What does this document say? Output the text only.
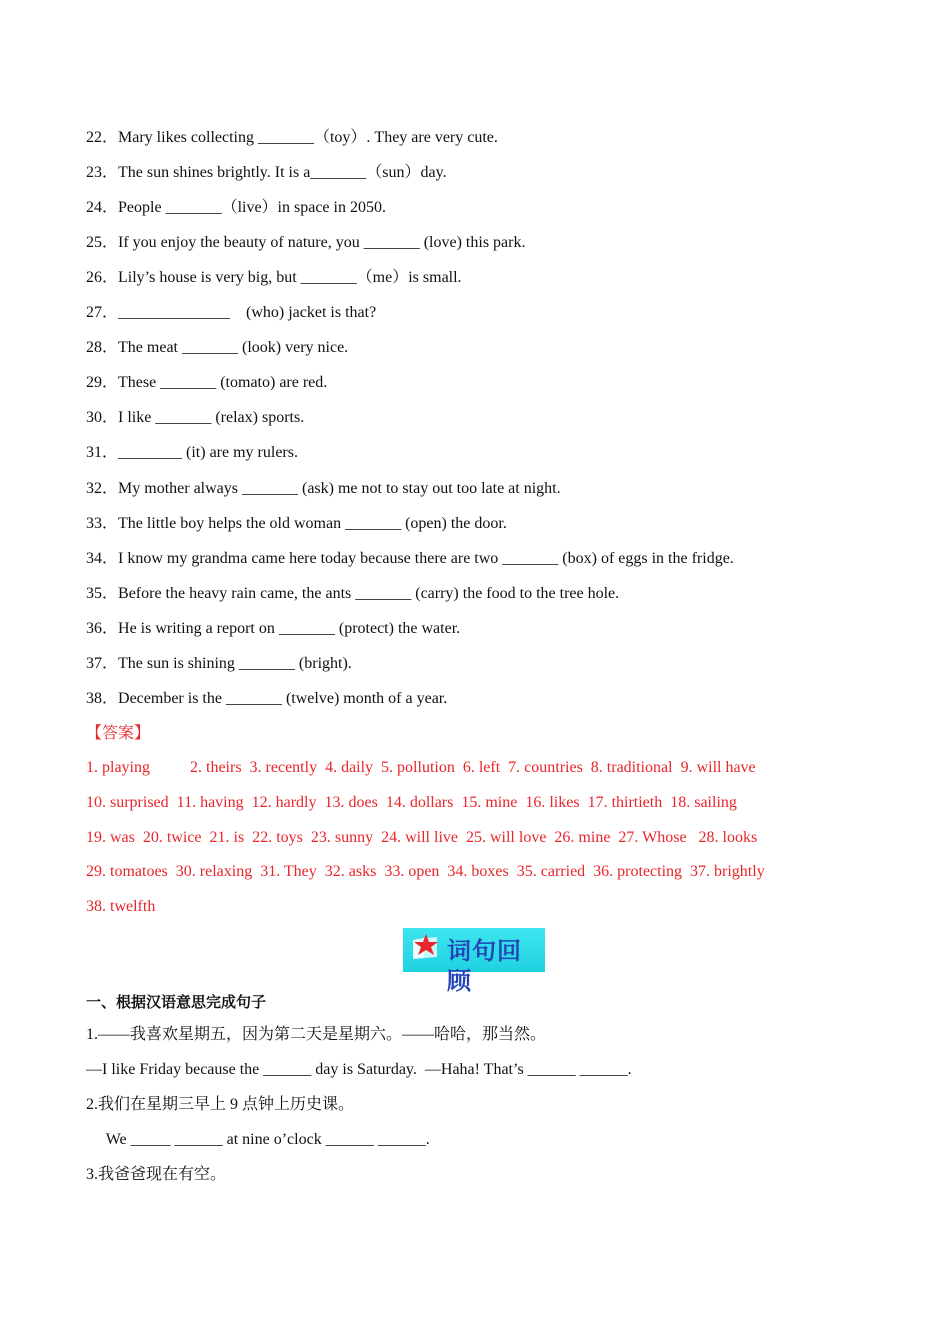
22．Mary likes collecting _______（toy）. They are very cute.
23．The sun shines brightly. It is a_______（sun）day.
24．People _______（live）in space in 2050.
25．If you enjoy the beauty of nature, you _______ (love) this park.
26．Lily’s house is very big, but _______（me）is small.
27．______________    (who) jacket is that?
28．The meat _______ (look) very nice.
29．These _______ (tomato) are red.
30．I like _______ (relax) sports.
31．________ (it) are my rulers.
32．My mother always _______ (ask) me not to stay out too late at night.
33．The little boy helps the old woman _______ (open) the door.
34．I know my grandma came here today because there are two _______ (box) of eggs in the fridge.
35．Before the heavy rain came, the ants _______ (carry) the food to the tree hole.
36．He is writing a report on _______ (protect) the water.
37．The sun is shining _______ (bright).
38．December is the _______ (twelve) month of a year.
【答案】
1. playing          2. theirs  3. recently  4. daily  5. pollution  6. left  7. countries  8. traditional  9. will have
10. surprised  11. having  12. hardly  13. does  14. dollars  15. mine  16. likes  17. thirtieth  18. sailing
19. was  20. twice  21. is  22. toys  23. sunny  24. will live  25. will love  26. mine  27. Whose   28. looks
29. tomatoes  30. relaxing  31. They  32. asks  33. open  34. boxes  35. carried  36. protecting  37. brightly
38. twelfth
词句回顾
一、根据汉语意思完成句子
1.——我喜欢星期五，因为第二天是星期六。——哈哈，那当然。
—I like Friday because the ______ day is Saturday.  —Haha! That’s ______ ______.
2.我们在星期三早上 9 点钟上历史课。
We _____ ______ at nine o’clock ______ ______.
3.我爸爸现在有空。
